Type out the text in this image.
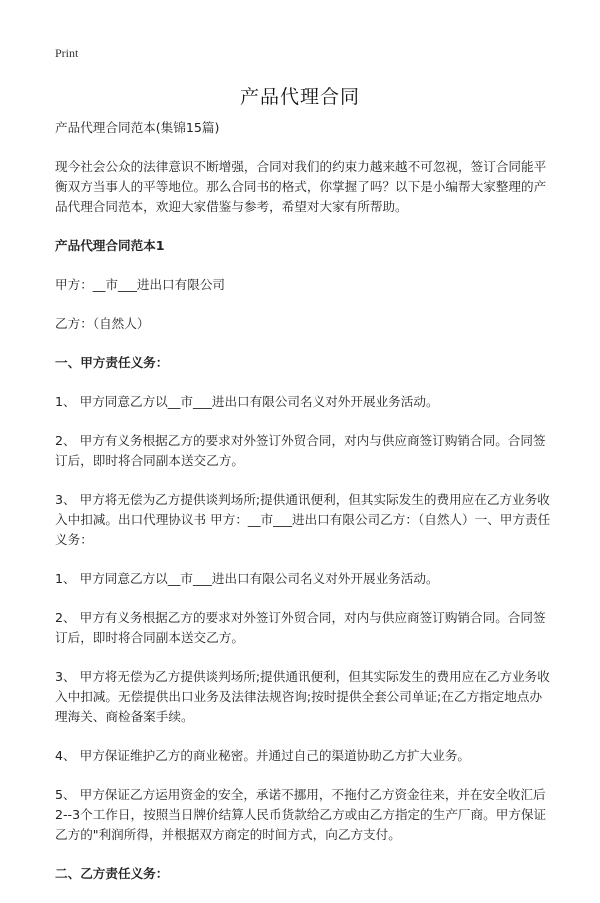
Print
产品代理合同

产品代理合同范本(集锦15篇)

现今社会公众的法律意识不断增强，合同对我们的约束力越来越不可忽视，签订合同能平衡双方当事人的平等地位。那么合同书的格式，你掌握了吗？以下是小编帮大家整理的产品代理合同范本，欢迎大家借鉴与参考，希望对大家有所帮助。

产品代理合同范本1

甲方：__市___进出口有限公司

乙方：（自然人）

一、甲方责任义务：

1、 甲方同意乙方以__市___进出口有限公司名义对外开展业务活动。

2、 甲方有义务根据乙方的要求对外签订外贸合同，对内与供应商签订购销合同。合同签订后，即时将合同副本送交乙方。

3、 甲方将无偿为乙方提供谈判场所;提供通讯便利，但其实际发生的费用应在乙方业务收入中扣减。出口代理协议书 甲方：__市___进出口有限公司乙方：（自然人）一、甲方责任义务：

1、 甲方同意乙方以__市___进出口有限公司名义对外开展业务活动。

2、 甲方有义务根据乙方的要求对外签订外贸合同，对内与供应商签订购销合同。合同签订后，即时将合同副本送交乙方。

3、 甲方将无偿为乙方提供谈判场所;提供通讯便利，但其实际发生的费用应在乙方业务收入中扣减。无偿提供出口业务及法律法规咨询;按时提供全套公司单证;在乙方指定地点办理海关、商检备案手续。

4、 甲方保证维护乙方的商业秘密。并通过自己的渠道协助乙方扩大业务。

5、 甲方保证乙方运用资金的安全，承诺不挪用，不拖付乙方资金往来，并在安全收汇后2--3个工作日，按照当日牌价结算人民币货款给乙方或由乙方指定的生产厂商。甲方保证乙方的"利润所得，并根据双方商定的时间方式，向乙方支付。

二、乙方责任义务：
